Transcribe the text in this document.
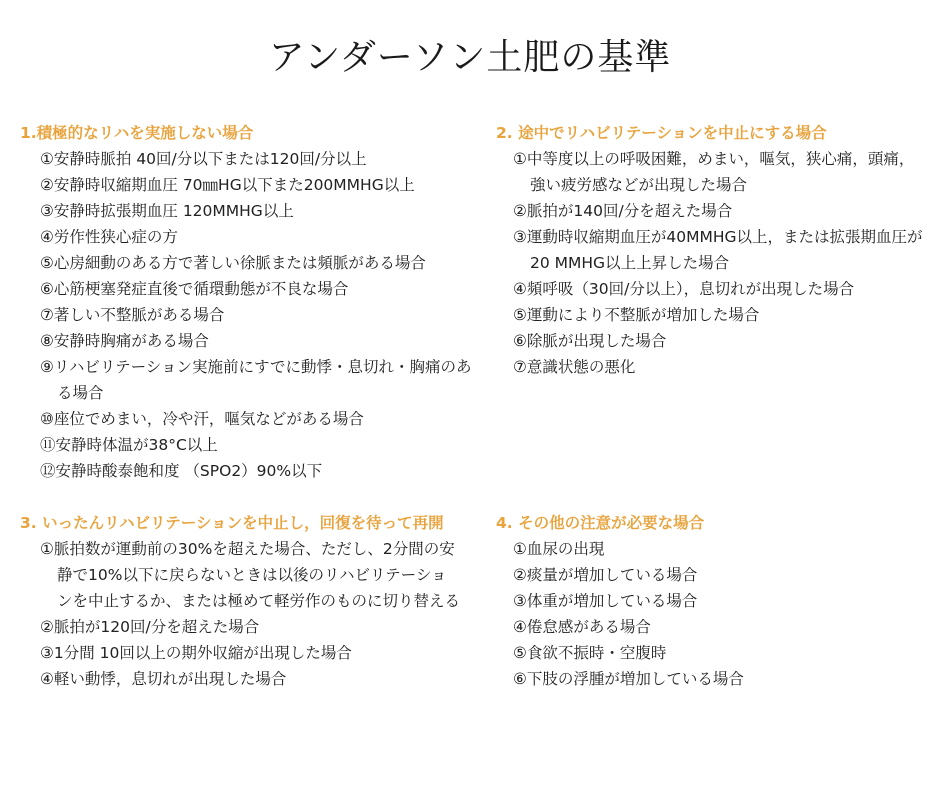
アンダーソン土肥の基準
1.積極的なリハを実施しない場合
①安静時脈拍 40回/分以下または120回/分以上
②安静時収縮期血圧 70㎜HG以下また200MMHG以上
③安静時拡張期血圧 120MMHG以上
④労作性狭心症の方
⑤心房細動のある方で著しい徐脈または頻脈がある場合
⑥心筋梗塞発症直後で循環動態が不良な場合
⑦著しい不整脈がある場合
⑧安静時胸痛がある場合
⑨リハビリテーション実施前にすでに動悸・息切れ・胸痛のある場合
⑩座位でめまい，冷や汗，嘔気などがある場合
⑪安静時体温が38°C以上
⑫安静時酸泰飽和度 （SPO2）90%以下
2. 途中でリハビリテーションを中止にする場合
①中等度以上の呼吸困難，めまい，嘔気，狭心痛，頭痛，強い疲労感などが出現した場合
②脈拍が140回/分を超えた場合
③運動時収縮期血圧が40MMHG以上，または拡張期血圧が20 MMHG以上上昇した場合
④頻呼吸（30回/分以上），息切れが出現した場合
⑤運動により不整脈が増加した場合
⑥除脈が出現した場合
⑦意識状態の悪化
3. いったんリハビリテーションを中止し，回復を待って再開
①脈拍数が運動前の30%を超えた場合、ただし、2分間の安静で10%以下に戻らないときは以後のリハビリテーションを中止するか、または極めて軽労作のものに切り替える
②脈拍が120回/分を超えた場合
③1分間 10回以上の期外収縮が出現した場合
④軽い動悸，息切れが出現した場合
4. その他の注意が必要な場合
①血尿の出現
②痰量が増加している場合
③体重が増加している場合
④倦怠感がある場合
⑤食欲不振時・空腹時
⑥下肢の浮腫が増加している場合
